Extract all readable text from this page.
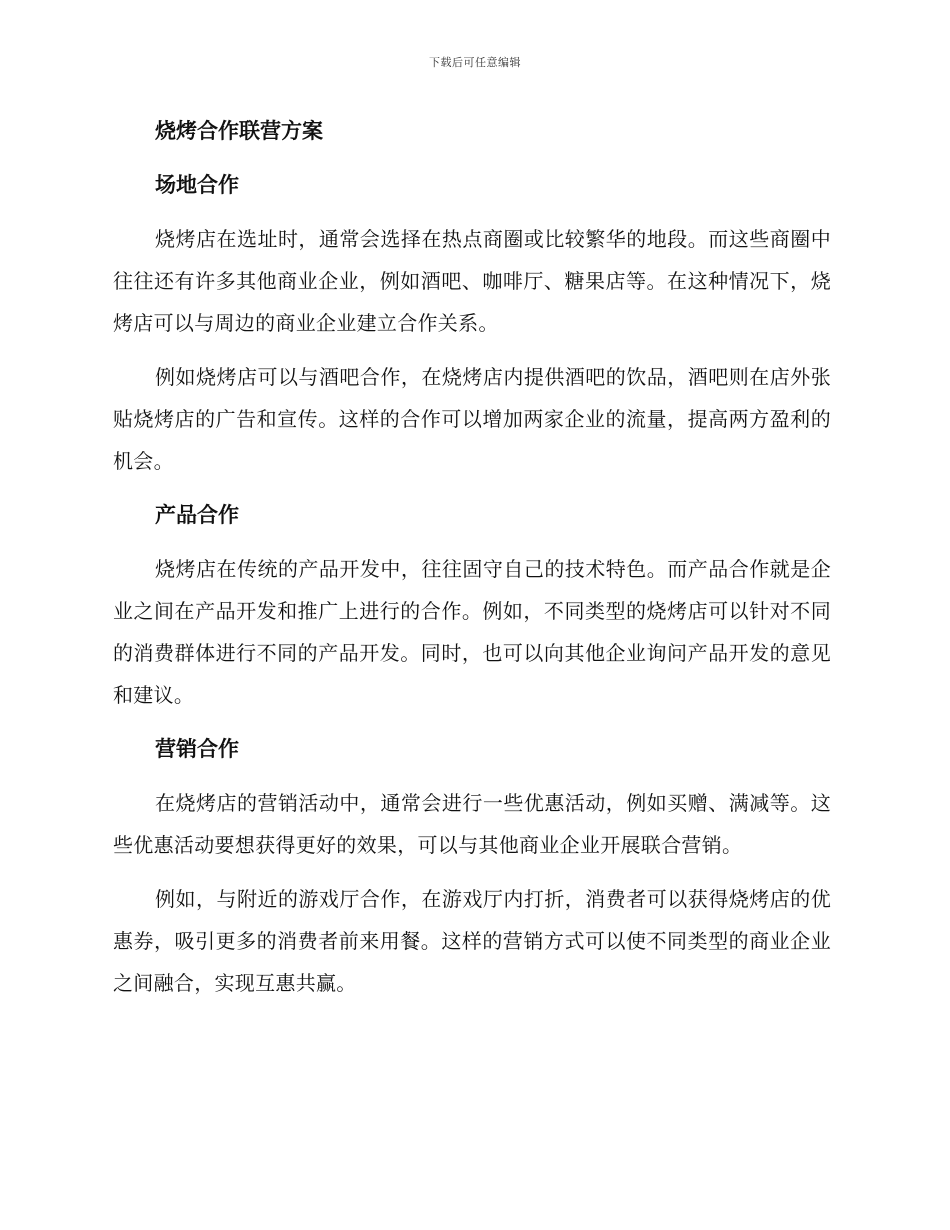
下载后可任意编辑
烧烤合作联营方案
场地合作
烧烤店在选址时，通常会选择在热点商圈或比较繁华的地段。而这些商圈中往往还有许多其他商业企业，例如酒吧、咖啡厅、糖果店等。在这种情况下，烧烤店可以与周边的商业企业建立合作关系。
例如烧烤店可以与酒吧合作，在烧烤店内提供酒吧的饮品，酒吧则在店外张贴烧烤店的广告和宣传。这样的合作可以增加两家企业的流量，提高两方盈利的机会。
产品合作
烧烤店在传统的产品开发中，往往固守自己的技术特色。而产品合作就是企业之间在产品开发和推广上进行的合作。例如，不同类型的烧烤店可以针对不同的消费群体进行不同的产品开发。同时，也可以向其他企业询问产品开发的意见和建议。
营销合作
在烧烤店的营销活动中，通常会进行一些优惠活动，例如买赠、满减等。这些优惠活动要想获得更好的效果，可以与其他商业企业开展联合营销。
例如，与附近的游戏厅合作，在游戏厅内打折，消费者可以获得烧烤店的优惠券，吸引更多的消费者前来用餐。这样的营销方式可以使不同类型的商业企业之间融合，实现互惠共赢。
